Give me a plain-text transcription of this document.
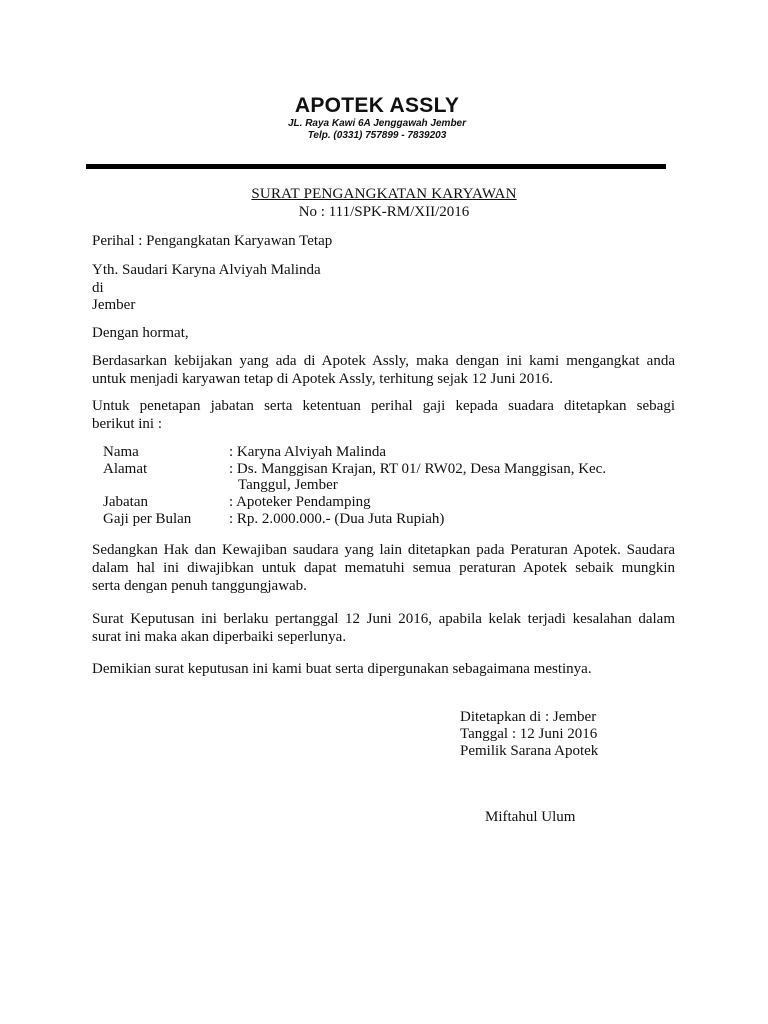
APOTEK ASSLY
JL. Raya Kawi 6A Jenggawah Jember
Telp. (0331) 757899 - 7839203
SURAT PENGANGKATAN KARYAWAN
No : 111/SPK-RM/XII/2016
Perihal : Pengangkatan Karyawan Tetap
Yth. Saudari Karyna Alviyah Malinda
di
Jember
Dengan hormat,
Berdasarkan kebijakan yang ada di Apotek Assly, maka dengan ini kami mengangkat anda
untuk menjadi karyawan tetap di Apotek Assly, terhitung sejak 12 Juni 2016.
Untuk penetapan jabatan serta ketentuan perihal gaji kepada suadara ditetapkan sebagi
berikut ini :
Nama	: Karyna Alviyah Malinda
Alamat	: Ds. Manggisan Krajan, RT 01/ RW02, Desa Manggisan, Kec.
Tanggul, Jember
Jabatan	: Apoteker Pendamping
Gaji per Bulan	: Rp. 2.000.000.- (Dua Juta Rupiah)
Sedangkan Hak dan Kewajiban saudara yang lain ditetapkan pada Peraturan Apotek. Saudara
dalam hal ini diwajibkan untuk dapat mematuhi semua peraturan Apotek sebaik mungkin
serta dengan penuh tanggungjawab.
Surat Keputusan ini berlaku pertanggal 12 Juni 2016, apabila kelak terjadi kesalahan dalam
surat ini maka akan diperbaiki seperlunya.
Demikian surat keputusan ini kami buat serta dipergunakan sebagaimana mestinya.
Ditetapkan di : Jember
Tanggal : 12 Juni 2016
Pemilik Sarana Apotek
Miftahul Ulum
